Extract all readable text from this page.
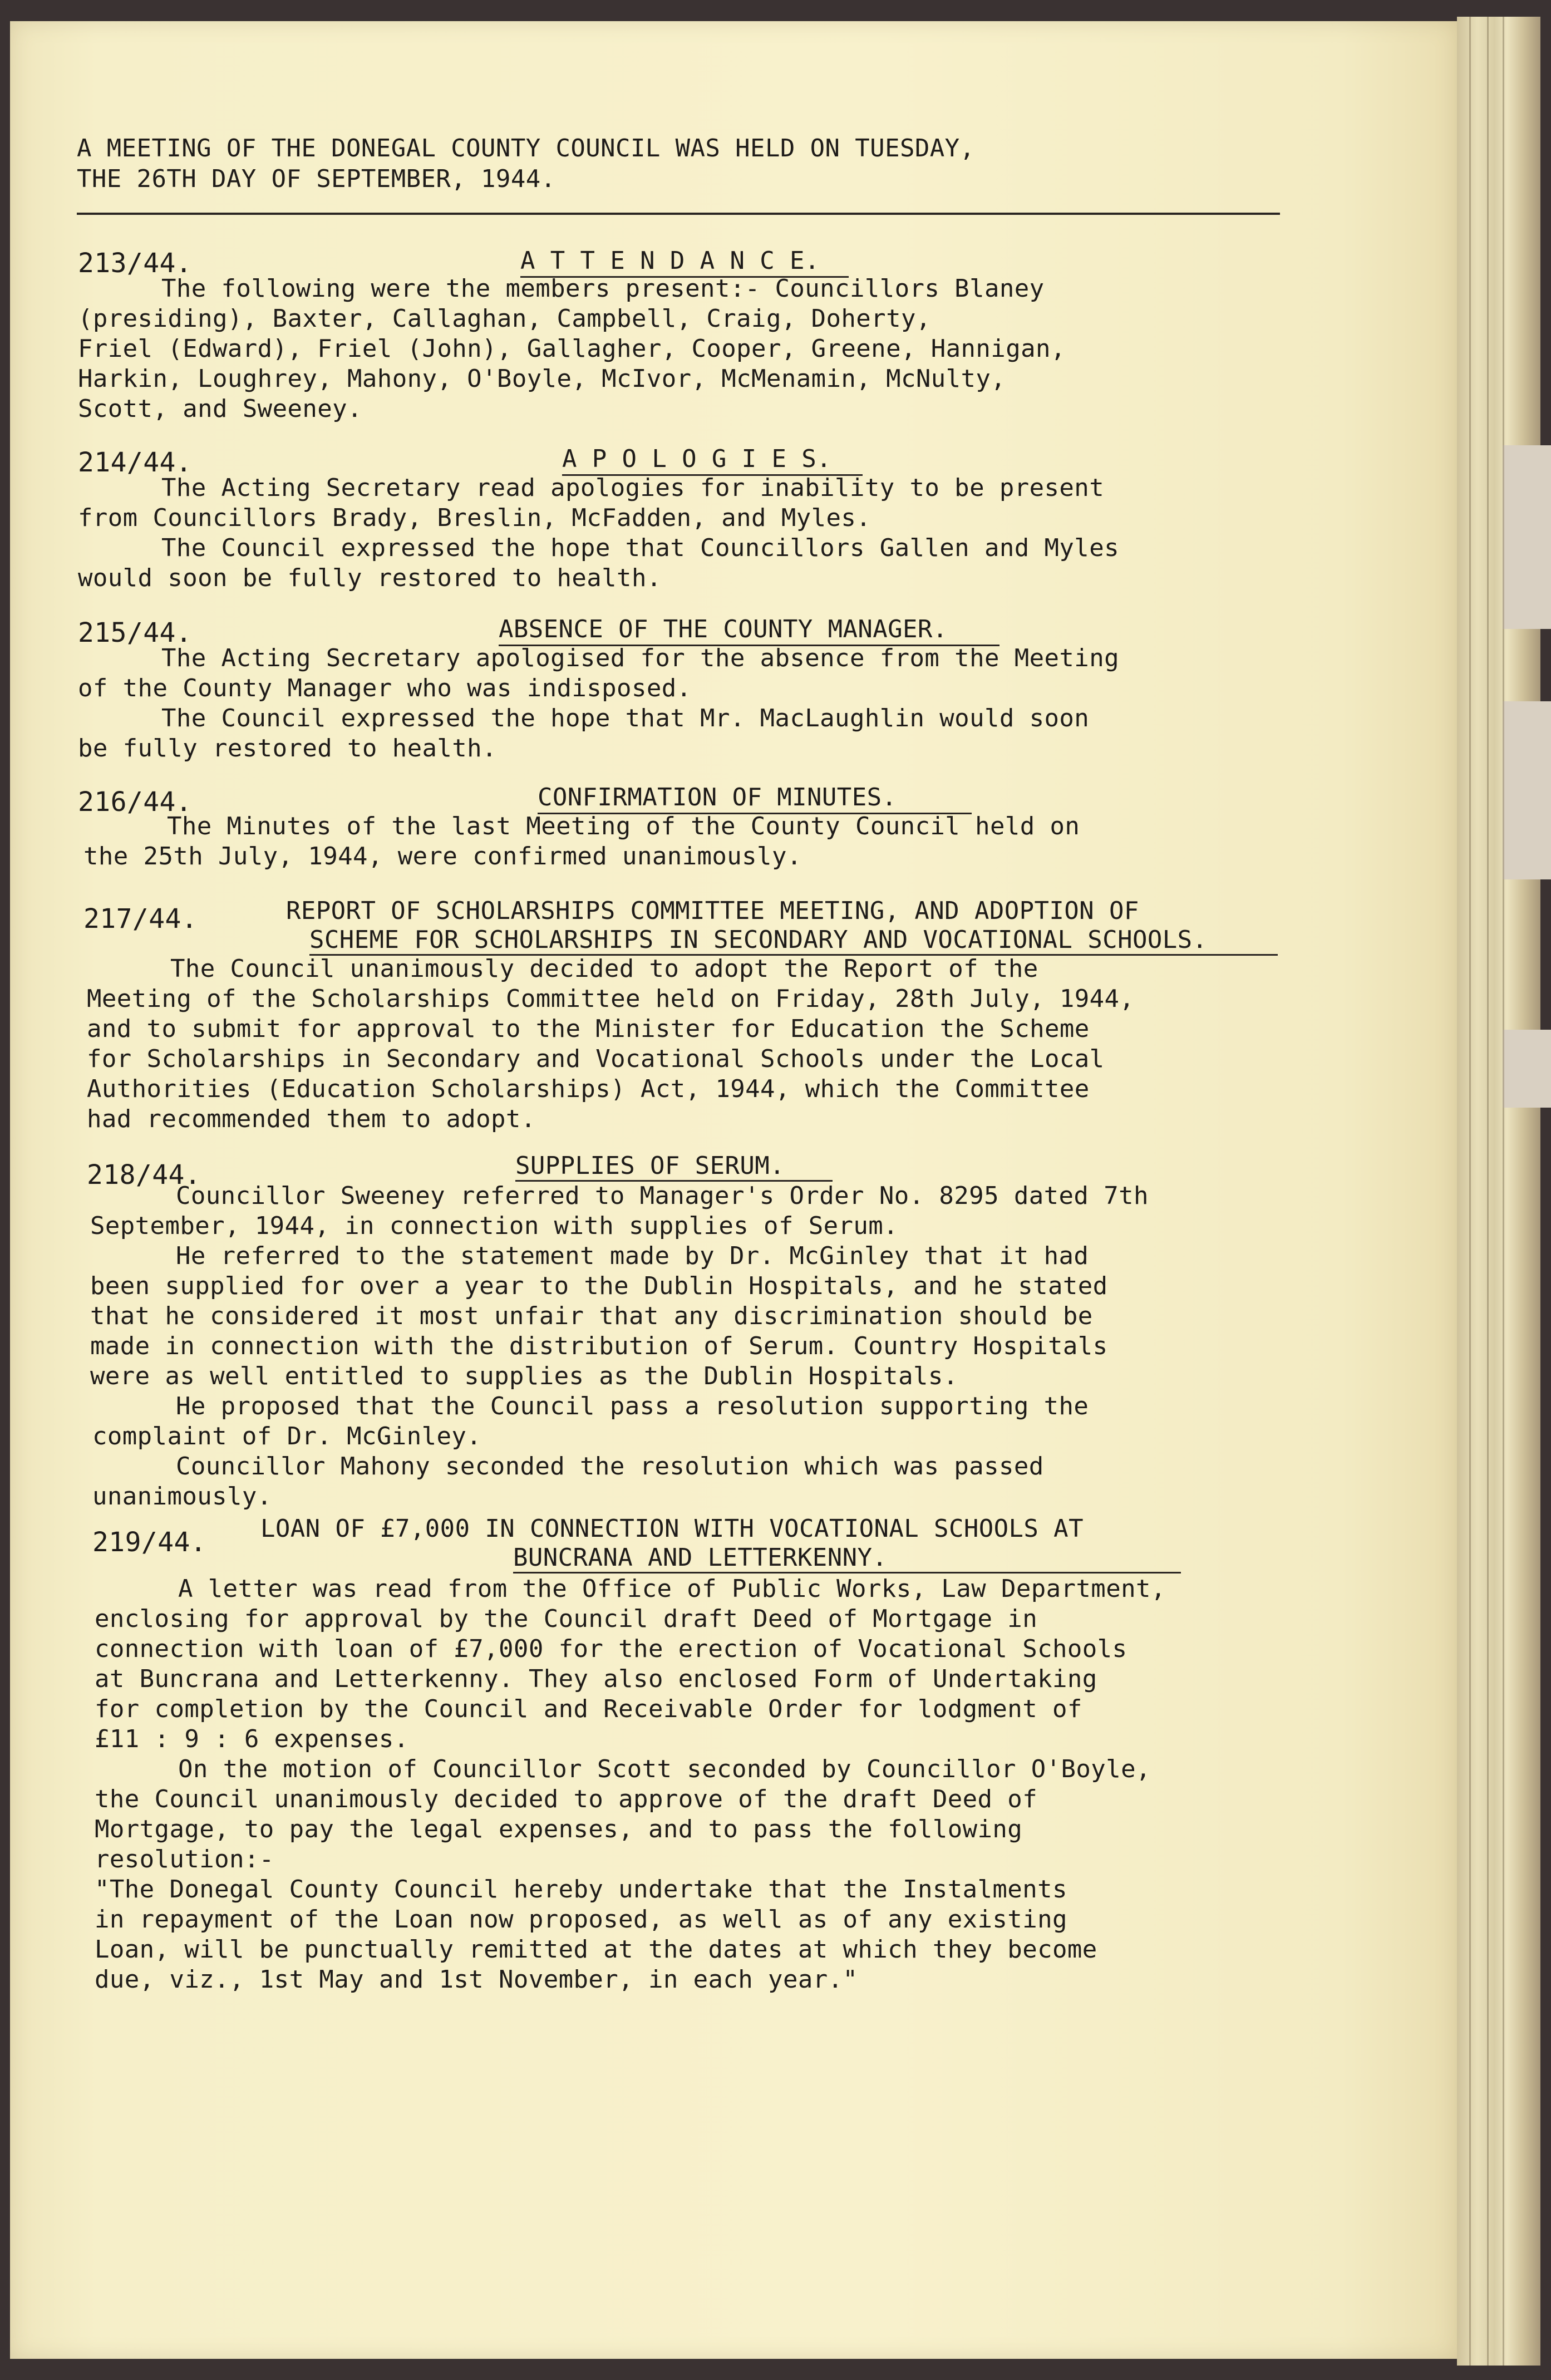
A MEETING OF THE DONEGAL COUNTY COUNCIL WAS HELD ON TUESDAY,
THE 26TH DAY OF SEPTEMBER, 1944.
213/44.	A T T E N D A N C E.
The following were the members present:- Councillors Blaney
(presiding), Baxter, Callaghan, Campbell, Craig, Doherty,
Friel (Edward), Friel (John), Gallagher, Cooper, Greene, Hannigan,
Harkin, Loughrey, Mahony, O'Boyle, McIvor, McMenamin, McNulty,
Scott, and Sweeney.
214/44.	A P O L O G I E S.
The Acting Secretary read apologies for inability to be present
from Councillors Brady, Breslin, McFadden, and Myles.
The Council expressed the hope that Councillors Gallen and Myles
would soon be fully restored to health.
215/44.	ABSENCE OF THE COUNTY MANAGER.
The Acting Secretary apologised for the absence from the Meeting
of the County Manager who was indisposed.
The Council expressed the hope that Mr. MacLaughlin would soon
be fully restored to health.
216/44.	CONFIRMATION OF MINUTES.
The Minutes of the last Meeting of the County Council held on
the 25th July, 1944, were confirmed unanimously.
217/44.	REPORT OF SCHOLARSHIPS COMMITTEE MEETING, AND ADOPTION OF
SCHEME FOR SCHOLARSHIPS IN SECONDARY AND VOCATIONAL SCHOOLS.
The Council unanimously decided to adopt the Report of the
Meeting of the Scholarships Committee held on Friday, 28th July, 1944,
and to submit for approval to the Minister for Education the Scheme
for Scholarships in Secondary and Vocational Schools under the Local
Authorities (Education Scholarships) Act, 1944, which the Committee
had recommended them to adopt.
218/44.	SUPPLIES OF SERUM.
Councillor Sweeney referred to Manager's Order No. 8295 dated 7th
September, 1944, in connection with supplies of Serum.
He referred to the statement made by Dr. McGinley that it had
been supplied for over a year to the Dublin Hospitals, and he stated
that he considered it most unfair that any discrimination should be
made in connection with the distribution of Serum. Country Hospitals
were as well entitled to supplies as the Dublin Hospitals.
He proposed that the Council pass a resolution supporting the
complaint of Dr. McGinley.
Councillor Mahony seconded the resolution which was passed
unanimously.
219/44. LOAN OF £7,000 IN CONNECTION WITH VOCATIONAL SCHOOLS AT
BUNCRANA AND LETTERKENNY.
A letter was read from the Office of Public Works, Law Department,
enclosing for approval by the Council draft Deed of Mortgage in
connection with loan of £7,000 for the erection of Vocational Schools
at Buncrana and Letterkenny. They also enclosed Form of Undertaking
for completion by the Council and Receivable Order for lodgment of
£11 : 9 : 6 expenses.
On the motion of Councillor Scott seconded by Councillor O'Boyle,
the Council unanimously decided to approve of the draft Deed of
Mortgage, to pay the legal expenses, and to pass the following
resolution:-
"The Donegal County Council hereby undertake that the Instalments
in repayment of the Loan now proposed, as well as of any existing
Loan, will be punctually remitted at the dates at which they become
due, viz., 1st May and 1st November, in each year."
